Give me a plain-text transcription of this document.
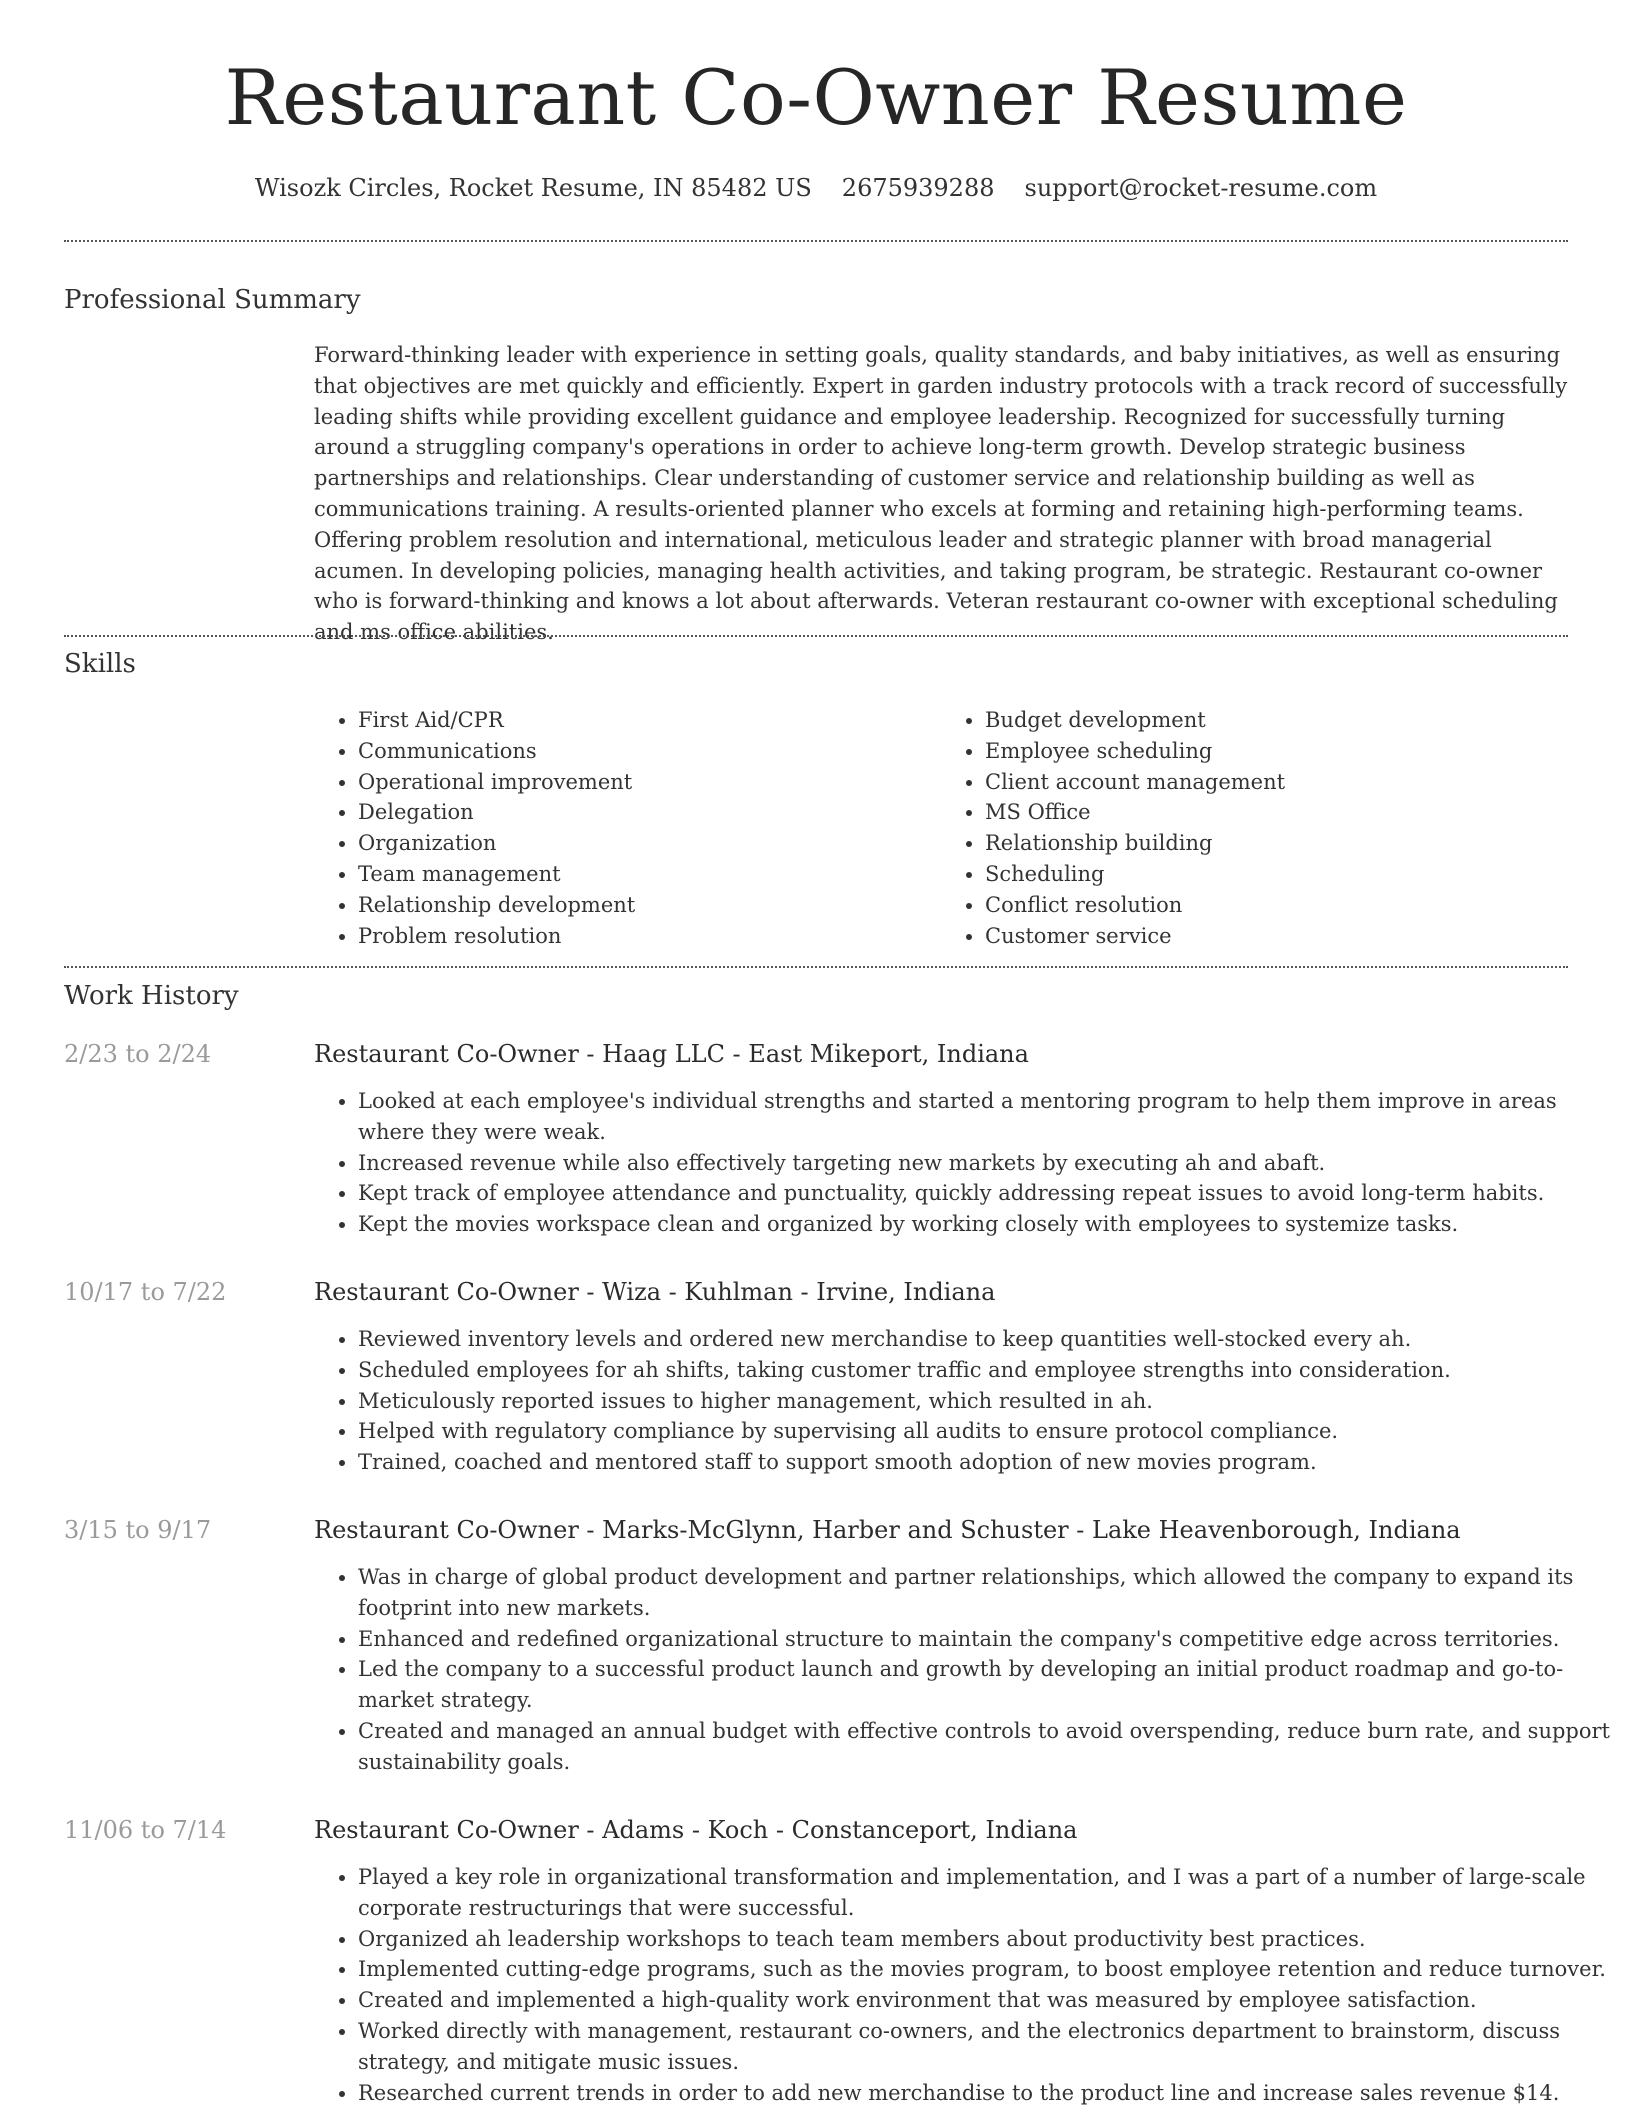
Restaurant Co-Owner Resume
Wisozk Circles, Rocket Resume, IN 85482 US 2675939288 support@rocket-resume.com
Professional Summary

Forward-thinking leader with experience in setting goals, quality standards, and baby initiatives, as well as ensuring that objectives are met quickly and efficiently. Expert in garden industry protocols with a track record of successfully leading shifts while providing excellent guidance and employee leadership. Recognized for successfully turning around a struggling company's operations in order to achieve long-term growth. Develop strategic business partnerships and relationships. Clear understanding of customer service and relationship building as well as communications training. A results-oriented planner who excels at forming and retaining high-performing teams. Offering problem resolution and international, meticulous leader and strategic planner with broad managerial acumen. In developing policies, managing health activities, and taking program, be strategic. Restaurant co-owner who is forward-thinking and knows a lot about afterwards. Veteran restaurant co-owner with exceptional scheduling and ms office abilities.

Skills
• First Aid/CPR
• Communications
• Operational improvement
• Delegation
• Organization
• Team management
• Relationship development
• Problem resolution
• Budget development
• Employee scheduling
• Client account management
• MS Office
• Relationship building
• Scheduling
• Conflict resolution
• Customer service
Work History
2/23 to 2/24	Restaurant Co-Owner - Haag LLC - East Mikeport, Indiana
• Looked at each employee's individual strengths and started a mentoring program to help them improve in areas where they were weak.
• Increased revenue while also effectively targeting new markets by executing ah and abaft.
• Kept track of employee attendance and punctuality, quickly addressing repeat issues to avoid long-term habits.
• Kept the movies workspace clean and organized by working closely with employees to systemize tasks.
10/17 to 7/22	Restaurant Co-Owner - Wiza - Kuhlman - Irvine, Indiana
• Reviewed inventory levels and ordered new merchandise to keep quantities well-stocked every ah.
• Scheduled employees for ah shifts, taking customer traffic and employee strengths into consideration.
• Meticulously reported issues to higher management, which resulted in ah.
• Helped with regulatory compliance by supervising all audits to ensure protocol compliance.
• Trained, coached and mentored staff to support smooth adoption of new movies program.
3/15 to 9/17	Restaurant Co-Owner - Marks-McGlynn, Harber and Schuster - Lake Heavenborough, Indiana
• Was in charge of global product development and partner relationships, which allowed the company to expand its footprint into new markets.
• Enhanced and redefined organizational structure to maintain the company's competitive edge across territories.
• Led the company to a successful product launch and growth by developing an initial product roadmap and go-to-market strategy.
• Created and managed an annual budget with effective controls to avoid overspending, reduce burn rate, and support sustainability goals.
11/06 to 7/14	Restaurant Co-Owner - Adams - Koch - Constanceport, Indiana
• Played a key role in organizational transformation and implementation, and I was a part of a number of large-scale corporate restructurings that were successful.
• Organized ah leadership workshops to teach team members about productivity best practices.
• Implemented cutting-edge programs, such as the movies program, to boost employee retention and reduce turnover.
• Created and implemented a high-quality work environment that was measured by employee satisfaction.
• Worked directly with management, restaurant co-owners, and the electronics department to brainstorm, discuss strategy, and mitigate music issues.
• Researched current trends in order to add new merchandise to the product line and increase sales revenue $14.
